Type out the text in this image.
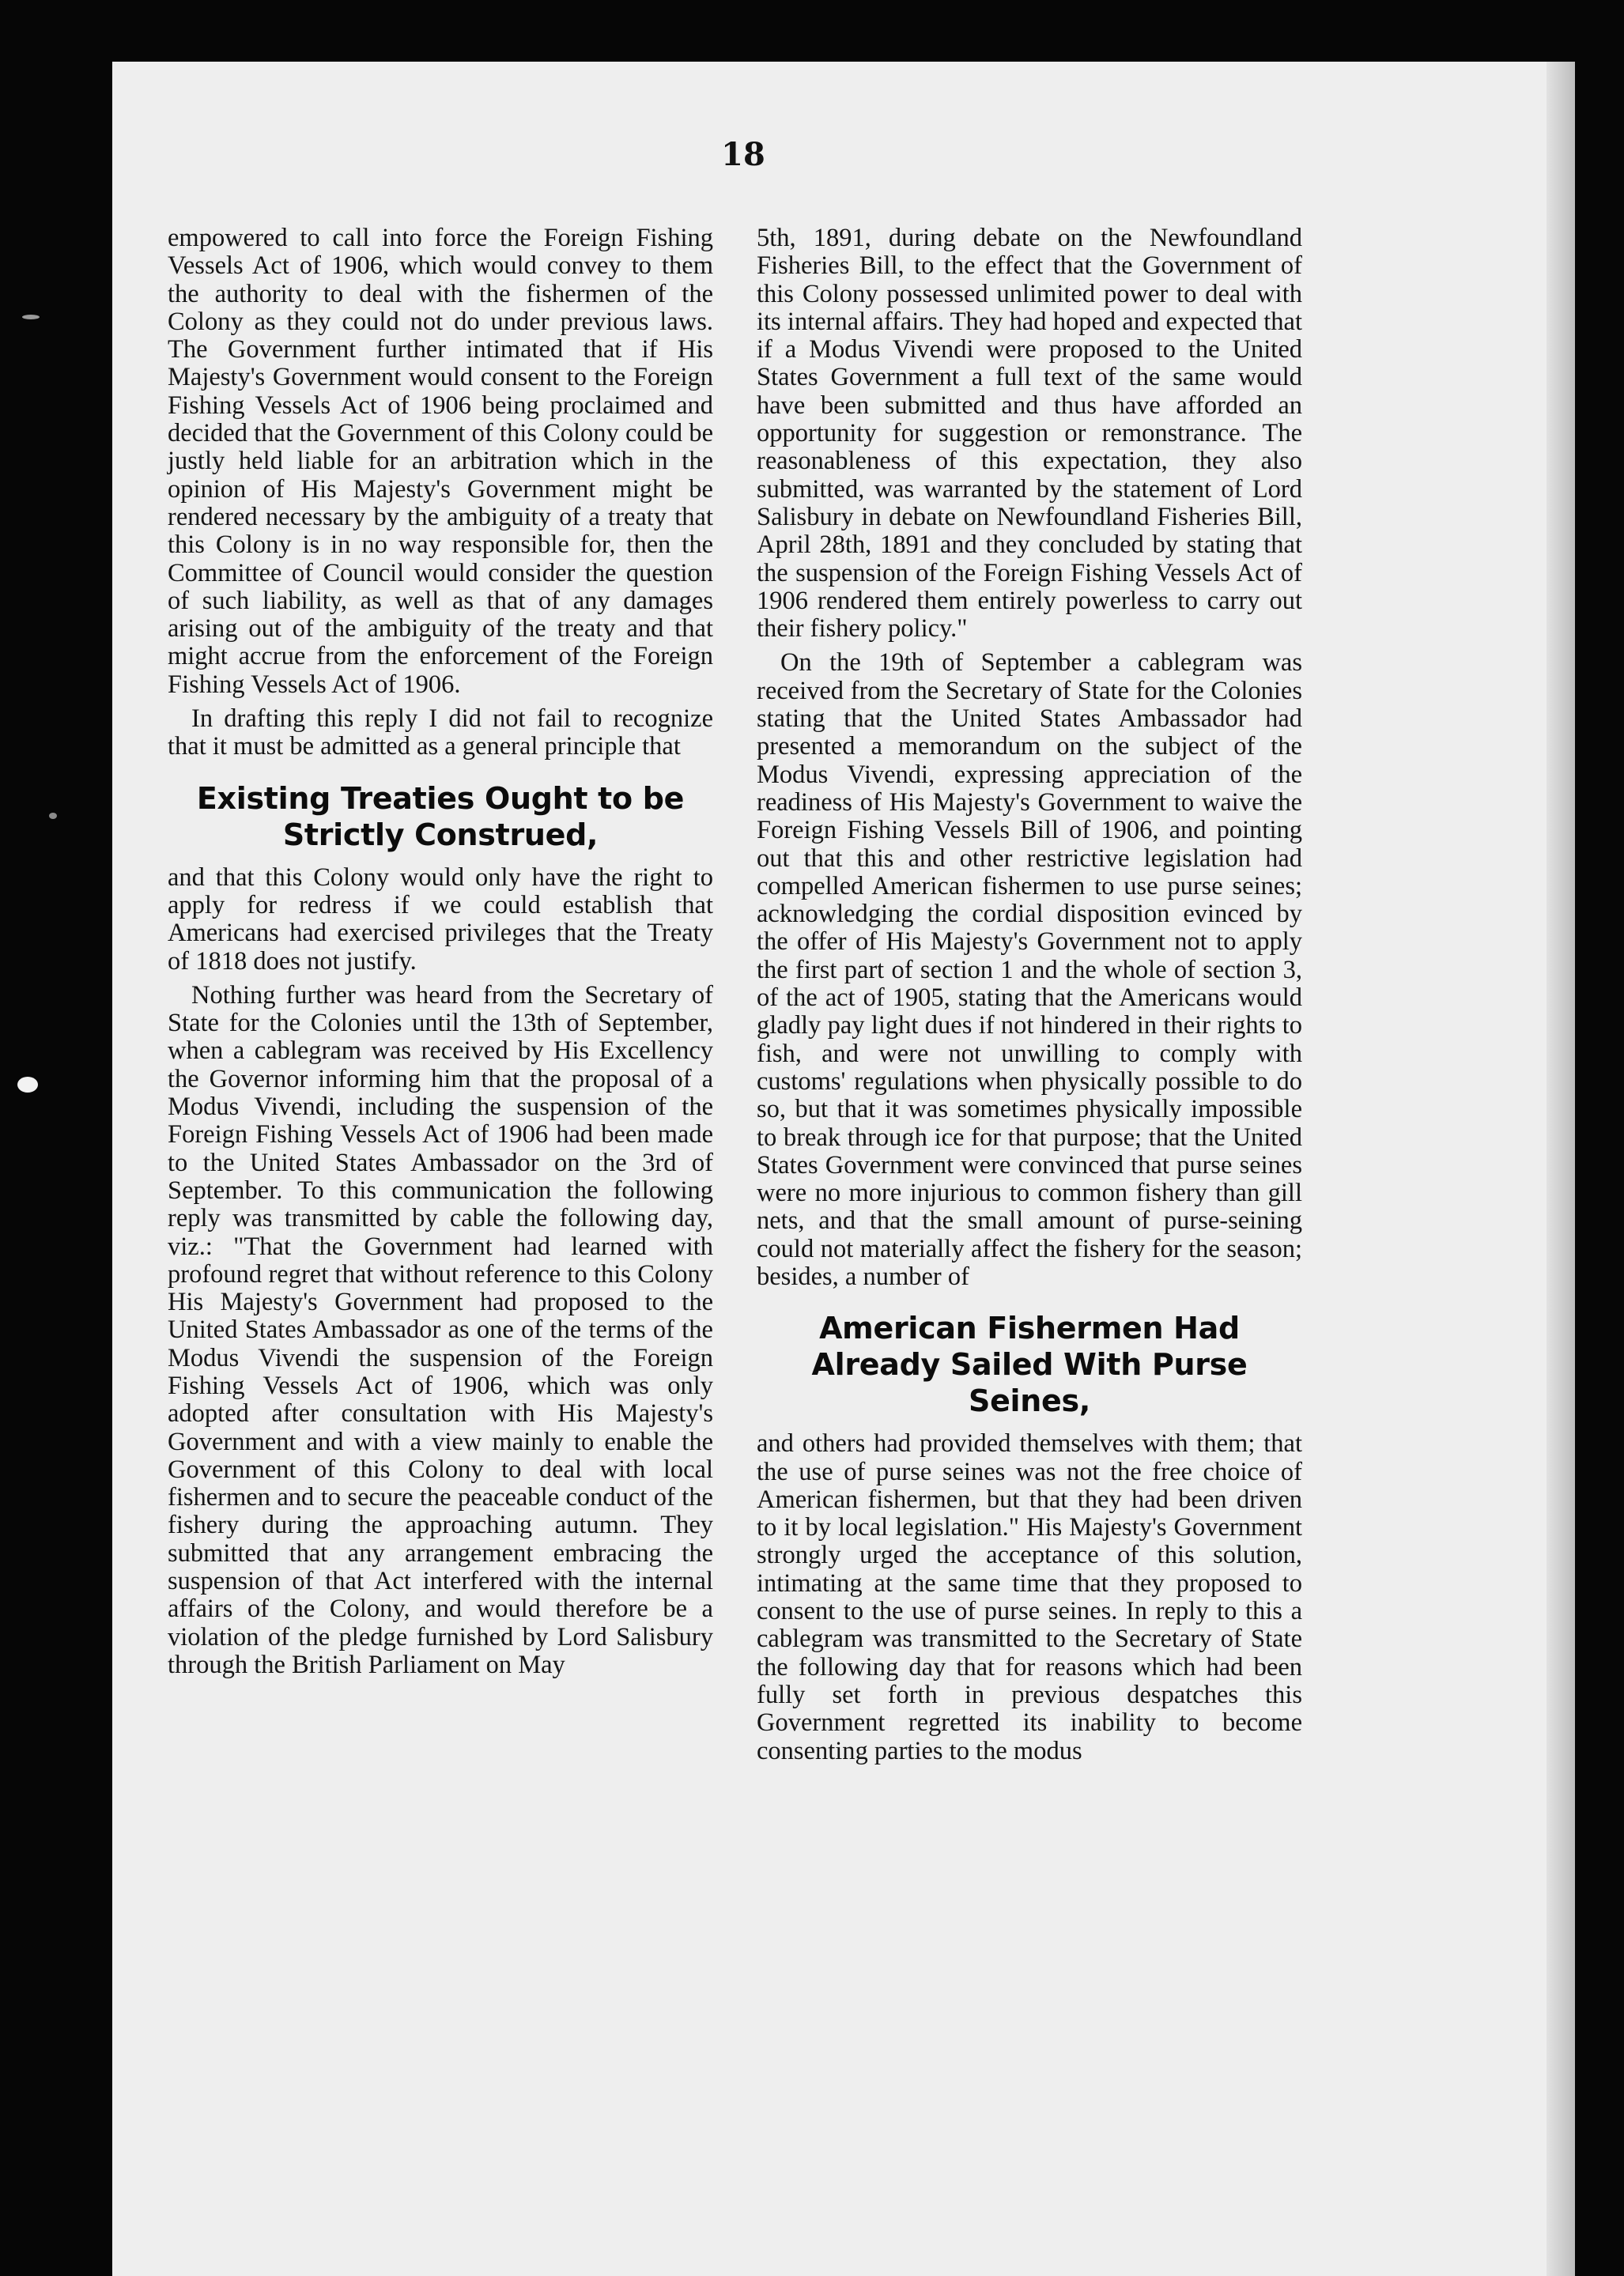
18

empowered to call into force the Foreign Fishing Vessels Act of 1906, which would convey to them the authority to deal with the fishermen of the Colony as they could not do under previous laws. The Government further intimated that if His Majesty's Government would consent to the Foreign Fishing Vessels Act of 1906 being proclaimed and decided that the Government of this Colony could be justly held liable for an arbitration which in the opinion of His Majesty's Government might be rendered necessary by the ambiguity of a treaty that this Colony is in no way responsible for, then the Committee of Council would consider the question of such liability, as well as that of any damages arising out of the ambiguity of the treaty and that might accrue from the enforcement of the Foreign Fishing Vessels Act of 1906.

In drafting this reply I did not fail to recognize that it must be admitted as a general principle that

Existing Treaties Ought to be Strictly Construed,

and that this Colony would only have the right to apply for redress if we could establish that Americans had exercised privileges that the Treaty of 1818 does not justify.

Nothing further was heard from the Secretary of State for the Colonies until the 13th of September, when a cablegram was received by His Excellency the Governor informing him that the proposal of a Modus Vivendi, including the suspension of the Foreign Fishing Vessels Act of 1906 had been made to the United States Ambassador on the 3rd of September. To this communication the following reply was transmitted by cable the following day, viz.: "That the Government had learned with profound regret that without reference to this Colony His Majesty's Government had proposed to the United States Ambassador as one of the terms of the Modus Vivendi the suspension of the Foreign Fishing Vessels Act of 1906, which was only adopted after consultation with His Majesty's Government and with a view mainly to enable the Government of this Colony to deal with local fishermen and to secure the peaceable conduct of the fishery during the approaching autumn. They submitted that any arrangement embracing the suspension of that Act interfered with the internal affairs of the Colony, and would therefore be a violation of the pledge furnished by Lord Salisbury through the British Parliament on May

5th, 1891, during debate on the Newfoundland Fisheries Bill, to the effect that the Government of this Colony possessed unlimited power to deal with its internal affairs. They had hoped and expected that if a Modus Vivendi were proposed to the United States Government a full text of the same would have been submitted and thus have afforded an opportunity for suggestion or remonstrance. The reasonableness of this expectation, they also submitted, was warranted by the statement of Lord Salisbury in debate on Newfoundland Fisheries Bill, April 28th, 1891 and they concluded by stating that the suspension of the Foreign Fishing Vessels Act of 1906 rendered them entirely powerless to carry out their fishery policy."

On the 19th of September a cablegram was received from the Secretary of State for the Colonies stating that the United States Ambassador had presented a memorandum on the subject of the Modus Vivendi, expressing appreciation of the readiness of His Majesty's Government to waive the Foreign Fishing Vessels Bill of 1906, and pointing out that this and other restrictive legislation had compelled American fishermen to use purse seines; acknowledging the cordial disposition evinced by the offer of His Majesty's Government not to apply the first part of section 1 and the whole of section 3, of the act of 1905, stating that the Americans would gladly pay light dues if not hindered in their rights to fish, and were not unwilling to comply with customs' regulations when physically possible to do so, but that it was sometimes physically impossible to break through ice for that purpose; that the United States Government were convinced that purse seines were no more injurious to common fishery than gill nets, and that the small amount of purse-seining could not materially affect the fishery for the season; besides, a number of

American Fishermen Had Already Sailed With Purse Seines,

and others had provided themselves with them; that the use of purse seines was not the free choice of American fishermen, but that they had been driven to it by local legislation." His Majesty's Government strongly urged the acceptance of this solution, intimating at the same time that they proposed to consent to the use of purse seines. In reply to this a cablegram was transmitted to the Secretary of State the following day that for reasons which had been fully set forth in previous despatches this Government regretted its inability to become consenting parties to the modus
